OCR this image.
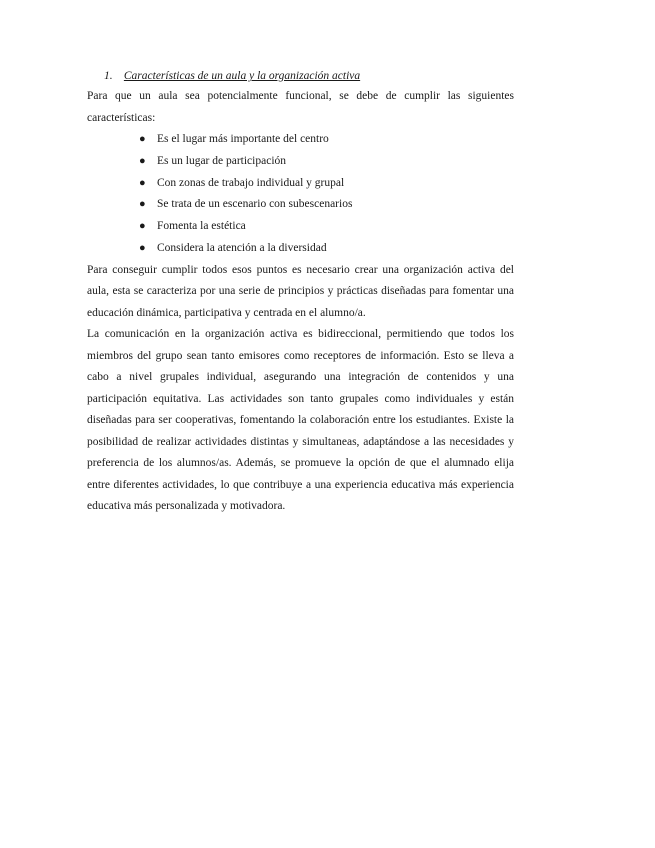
1. Características de un aula y la organización activa

Para que un aula sea potencialmente funcional, se debe de cumplir las siguientes características:

● Es el lugar más importante del centro
● Es un lugar de participación
● Con zonas de trabajo individual y grupal
● Se trata de un escenario con subescenarios
● Fomenta la estética
● Considera la atención a la diversidad

Para conseguir cumplir todos esos puntos es necesario crear una organización activa del aula, esta se caracteriza por una serie de principios y prácticas diseñadas para fomentar una educación dinámica, participativa y centrada en el alumno/a.

La comunicación en la organización activa es bidireccional, permitiendo que todos los miembros del grupo sean tanto emisores como receptores de información. Esto se lleva a cabo a nivel grupales individual, asegurando una integración de contenidos y una participación equitativa. Las actividades son tanto grupales como individuales y están diseñadas para ser cooperativas, fomentando la colaboración entre los estudiantes. Existe la posibilidad de realizar actividades distintas y simultaneas, adaptándose a las necesidades y preferencia de los alumnos/as. Además, se promueve la opción de que el alumnado elija entre diferentes actividades, lo que contribuye a una experiencia educativa más experiencia educativa más personalizada y motivadora.
